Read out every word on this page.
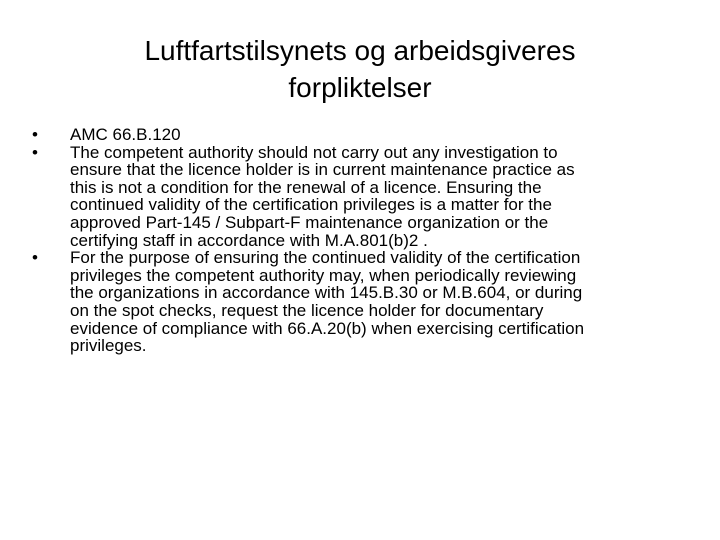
Luftfartstilsynets og arbeidsgiveres
forpliktelser
• AMC 66.B.120
• The competent authority should not carry out any investigation to
ensure that the licence holder is in current maintenance practice as
this is not a condition for the renewal of a licence. Ensuring the
continued validity of the certification privileges is a matter for the
approved Part-145 / Subpart-F maintenance organization or the
certifying staff in accordance with M.A.801(b)2 .
• For the purpose of ensuring the continued validity of the certification
privileges the competent authority may, when periodically reviewing
the organizations in accordance with 145.B.30 or M.B.604, or during
on the spot checks, request the licence holder for documentary
evidence of compliance with 66.A.20(b) when exercising certification
privileges.
